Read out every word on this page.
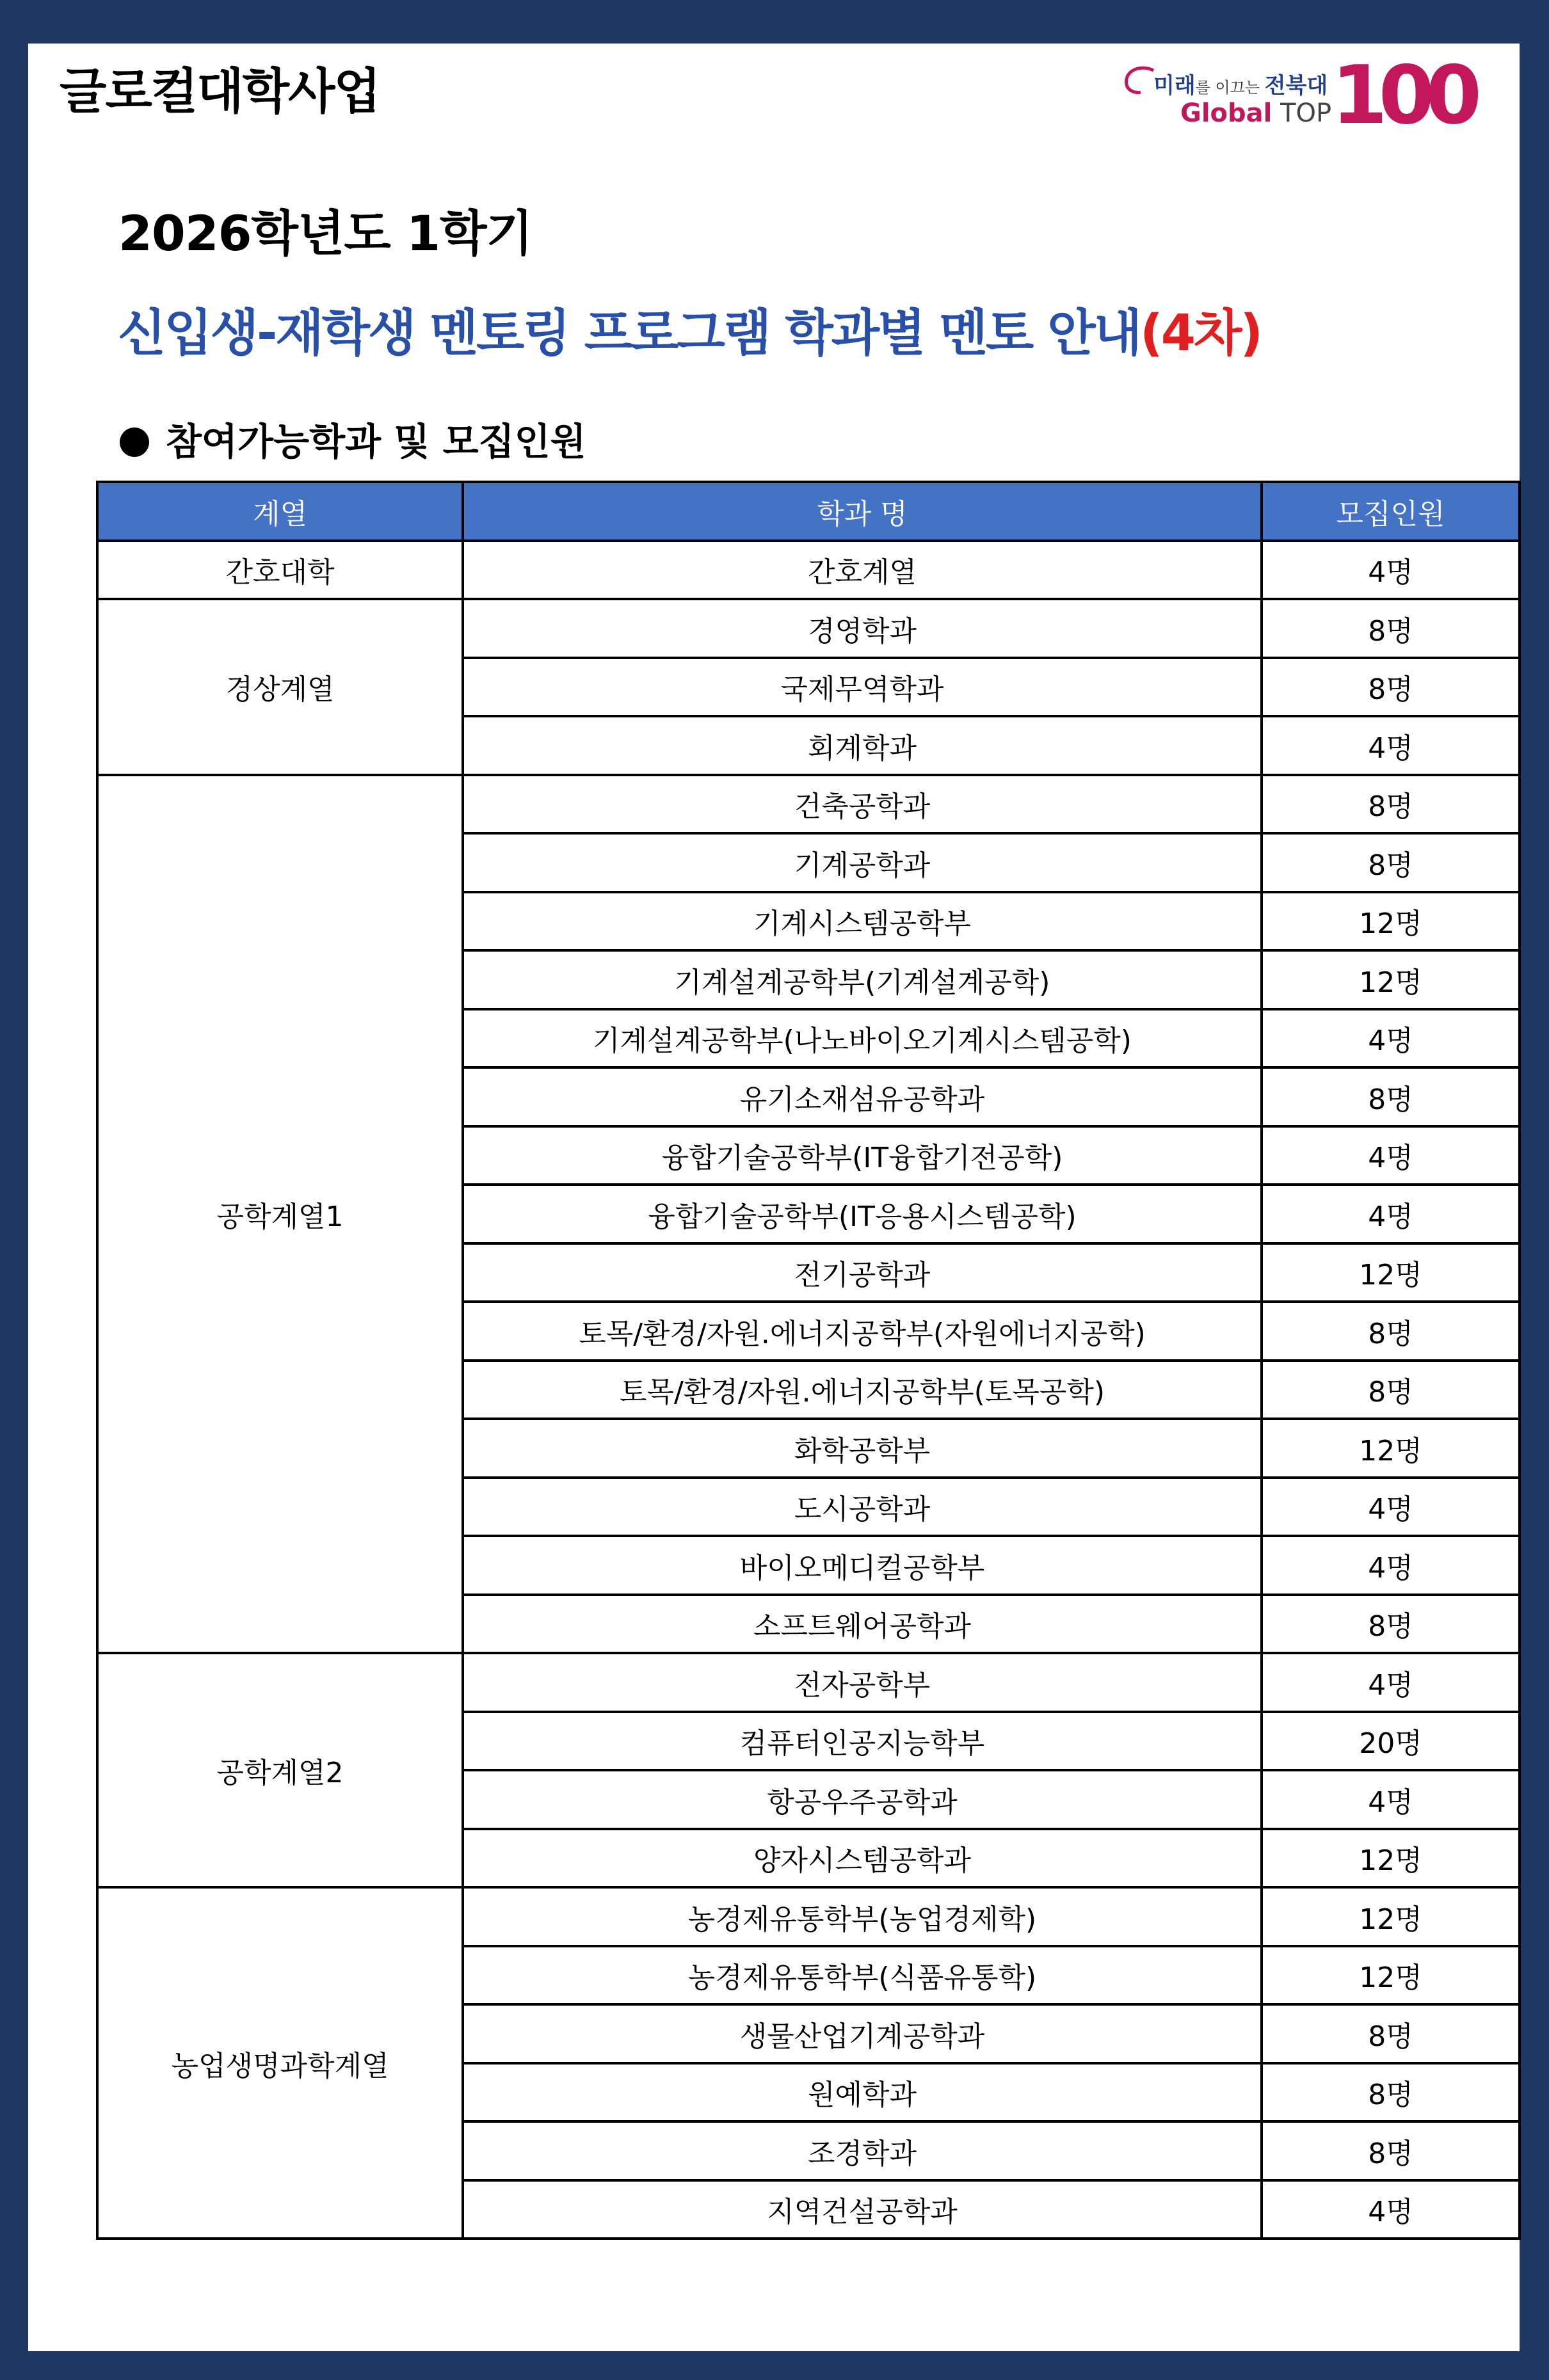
글로컬대학사업	미래를 이끄는 전북대
Global TOP 100
2026학년도 1학기
신입생-재학생 멘토링 프로그램 학과별 멘토 안내(4차)
참여가능학과 및 모집인원
계열	학과 명	모집인원
간호대학	간호계열	4명
경상계열	경영학과	8명
	국제무역학과	8명
	회계학과	4명
공학계열1	건축공학과	8명
	기계공학과	8명
	기계시스템공학부	12명
	기계설계공학부(기계설계공학)	12명
	기계설계공학부(나노바이오기계시스템공학)	4명
	유기소재섬유공학과	8명
	융합기술공학부(IT융합기전공학)	4명
	융합기술공학부(IT응용시스템공학)	4명
	전기공학과	12명
	토목/환경/자원.에너지공학부(자원에너지공학)	8명
	토목/환경/자원.에너지공학부(토목공학)	8명
	화학공학부	12명
	도시공학과	4명
	바이오메디컬공학부	4명
	소프트웨어공학과	8명
공학계열2	전자공학부	4명
	컴퓨터인공지능학부	20명
	항공우주공학과	4명
	양자시스템공학과	12명
농업생명과학계열	농경제유통학부(농업경제학)	12명
	농경제유통학부(식품유통학)	12명
	생물산업기계공학과	8명
	원예학과	8명
	조경학과	8명
	지역건설공학과	4명
